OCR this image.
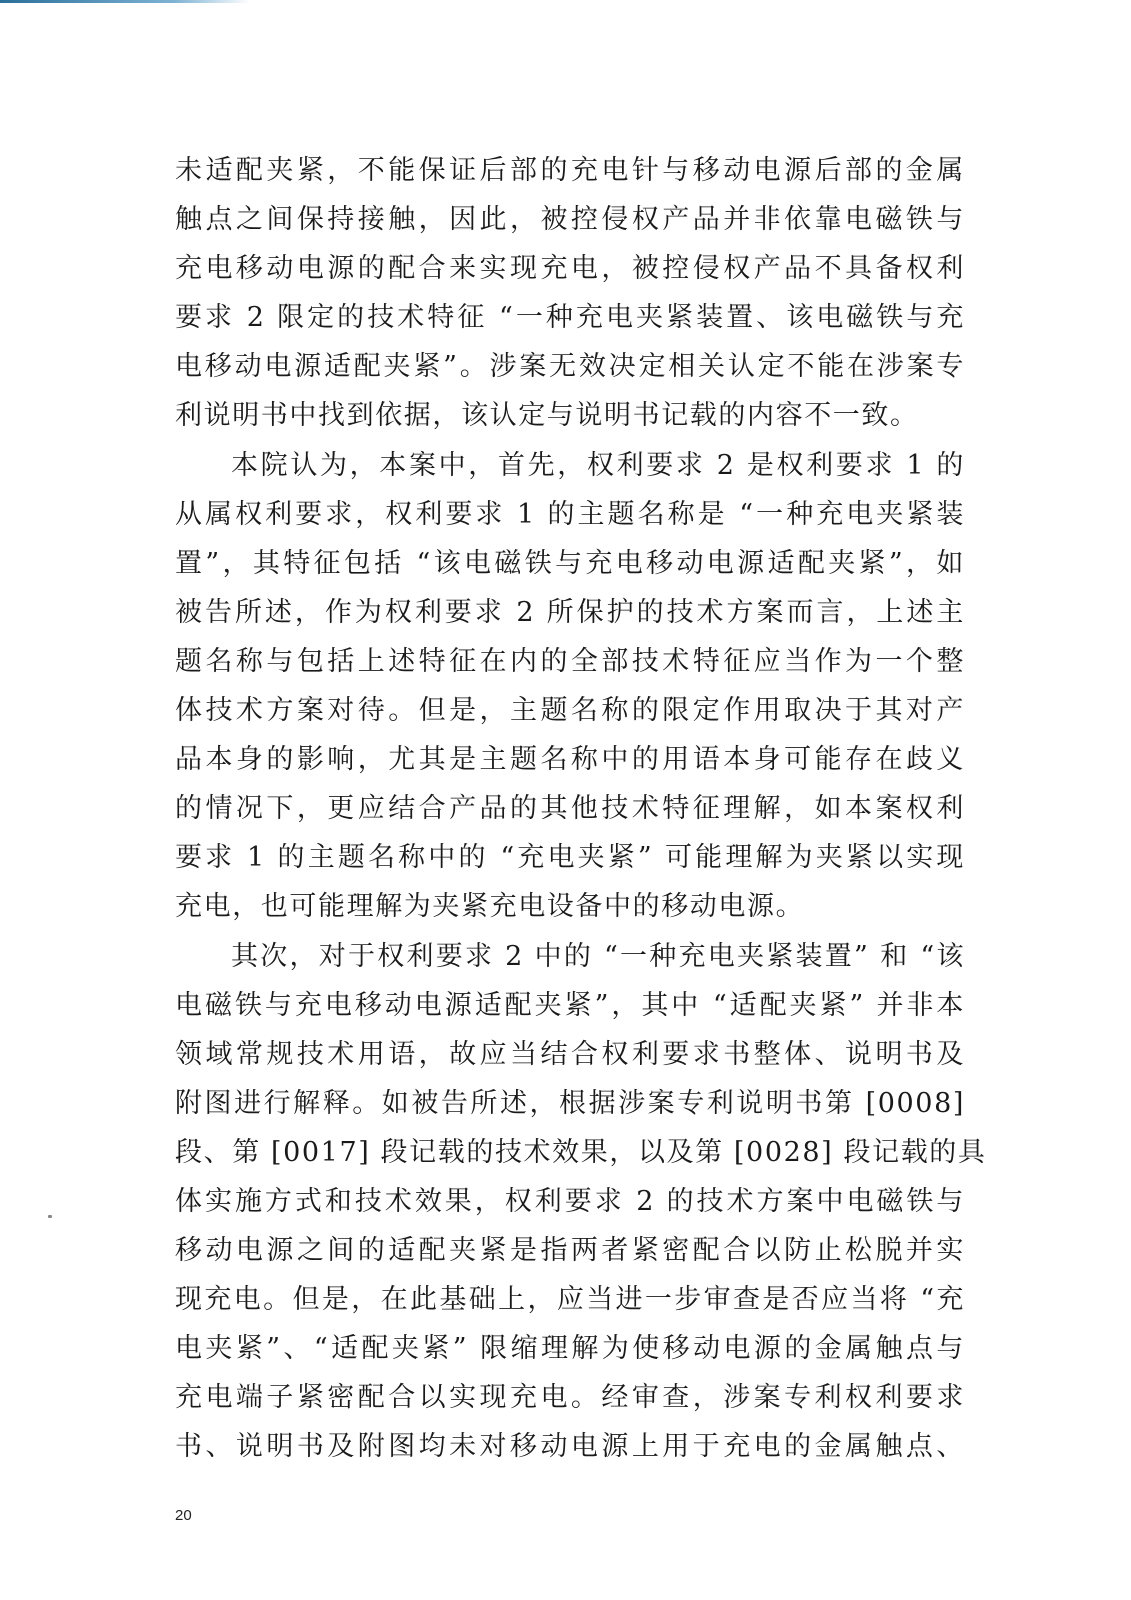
未适配夹紧，不能保证后部的充电针与移动电源后部的金属
触点之间保持接触，因此，被控侵权产品并非依靠电磁铁与
充电移动电源的配合来实现充电，被控侵权产品不具备权利
要求 2 限定的技术特征 “一种充电夹紧装置、该电磁铁与充
电移动电源适配夹紧”。涉案无效决定相关认定不能在涉案专
利说明书中找到依据，该认定与说明书记载的内容不一致。
本院认为，本案中，首先，权利要求 2 是权利要求 1 的
从属权利要求，权利要求 1 的主题名称是 “一种充电夹紧装
置”，其特征包括 “该电磁铁与充电移动电源适配夹紧”，如
被告所述，作为权利要求 2 所保护的技术方案而言，上述主
题名称与包括上述特征在内的全部技术特征应当作为一个整
体技术方案对待。但是，主题名称的限定作用取决于其对产
品本身的影响，尤其是主题名称中的用语本身可能存在歧义
的情况下，更应结合产品的其他技术特征理解，如本案权利
要求 1 的主题名称中的 “充电夹紧” 可能理解为夹紧以实现
充电，也可能理解为夹紧充电设备中的移动电源。
其次，对于权利要求 2 中的 “一种充电夹紧装置” 和 “该
电磁铁与充电移动电源适配夹紧”，其中 “适配夹紧” 并非本
领域常规技术用语，故应当结合权利要求书整体、说明书及
附图进行解释。如被告所述，根据涉案专利说明书第 [0008]
段、第 [0017] 段记载的技术效果，以及第 [0028] 段记载的具
体实施方式和技术效果，权利要求 2 的技术方案中电磁铁与
移动电源之间的适配夹紧是指两者紧密配合以防止松脱并实
现充电。但是，在此基础上，应当进一步审查是否应当将 “充
电夹紧”、“适配夹紧” 限缩理解为使移动电源的金属触点与
充电端子紧密配合以实现充电。经审查，涉案专利权利要求
书、说明书及附图均未对移动电源上用于充电的金属触点、
20
